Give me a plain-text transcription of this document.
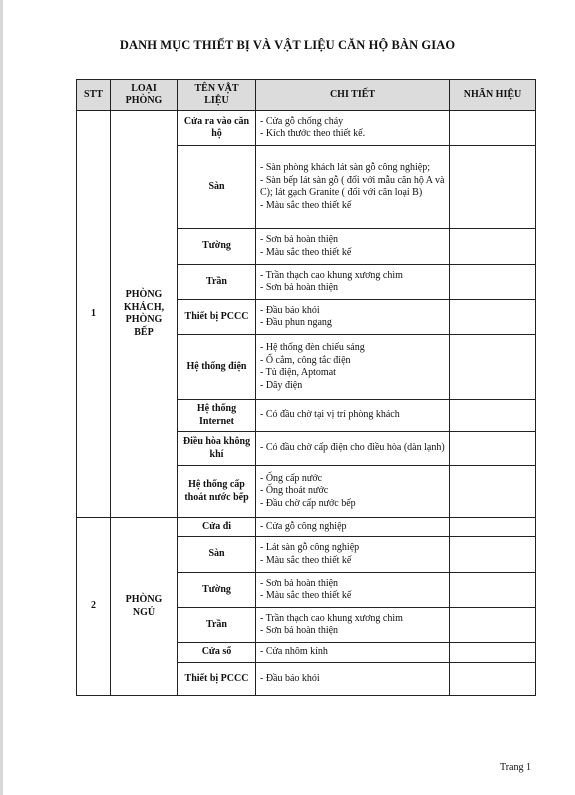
DANH MỤC THIẾT BỊ VÀ VẬT LIỆU CĂN HỘ BÀN GIAO
STT	LOẠI PHÒNG	TÊN VẬT LIỆU	CHI TIẾT	NHÃN HIỆU
1	PHÒNG KHÁCH, PHÒNG BẾP	Cửa ra vào căn hộ	- Cửa gỗ chống cháy
- Kích thước theo thiết kế.	

		Sàn	- Sàn phòng khách lát sàn gỗ công nghiệp;
- Sàn bếp lát sàn gỗ ( đối với mẫu căn hộ A và C); lát gạch Granite ( đối với căn loại B)
- Màu sắc theo thiết kế	

		Tường	- Sơn bả hoàn thiện
- Màu sắc theo thiết kế	

		Trần	- Trần thạch cao khung xương chìm
- Sơn bả hoàn thiện	

		Thiết bị PCCC	- Đầu báo khói
- Đầu phun ngang	

		Hệ thống điện	- Hệ thống đèn chiếu sáng
- Ổ cắm, công tắc điện
- Tủ điện, Aptomat
- Dây điện	

		Hệ thống Internet	- Có đầu chờ tại vị trí phòng khách	

		Điều hòa không khí	- Có đầu chờ cấp điện cho điều hòa (dàn lạnh)	

		Hệ thống cấp thoát nước bếp	- Ống cấp nước
- Ống thoát nước
- Đầu chờ cấp nước bếp	

2	PHÒNG NGỦ	Cửa đi	- Cửa gỗ công nghiệp	

		Sàn	- Lát sàn gỗ công nghiệp
- Màu sắc theo thiết kế	

		Tường	- Sơn bả hoàn thiện
- Màu sắc theo thiết kế	

		Trần	- Trần thạch cao khung xương chìm
- Sơn bả hoàn thiện	

		Cửa sổ	- Cửa nhôm kính	

		Thiết bị PCCC	- Đầu báo khói	

Trang 1
